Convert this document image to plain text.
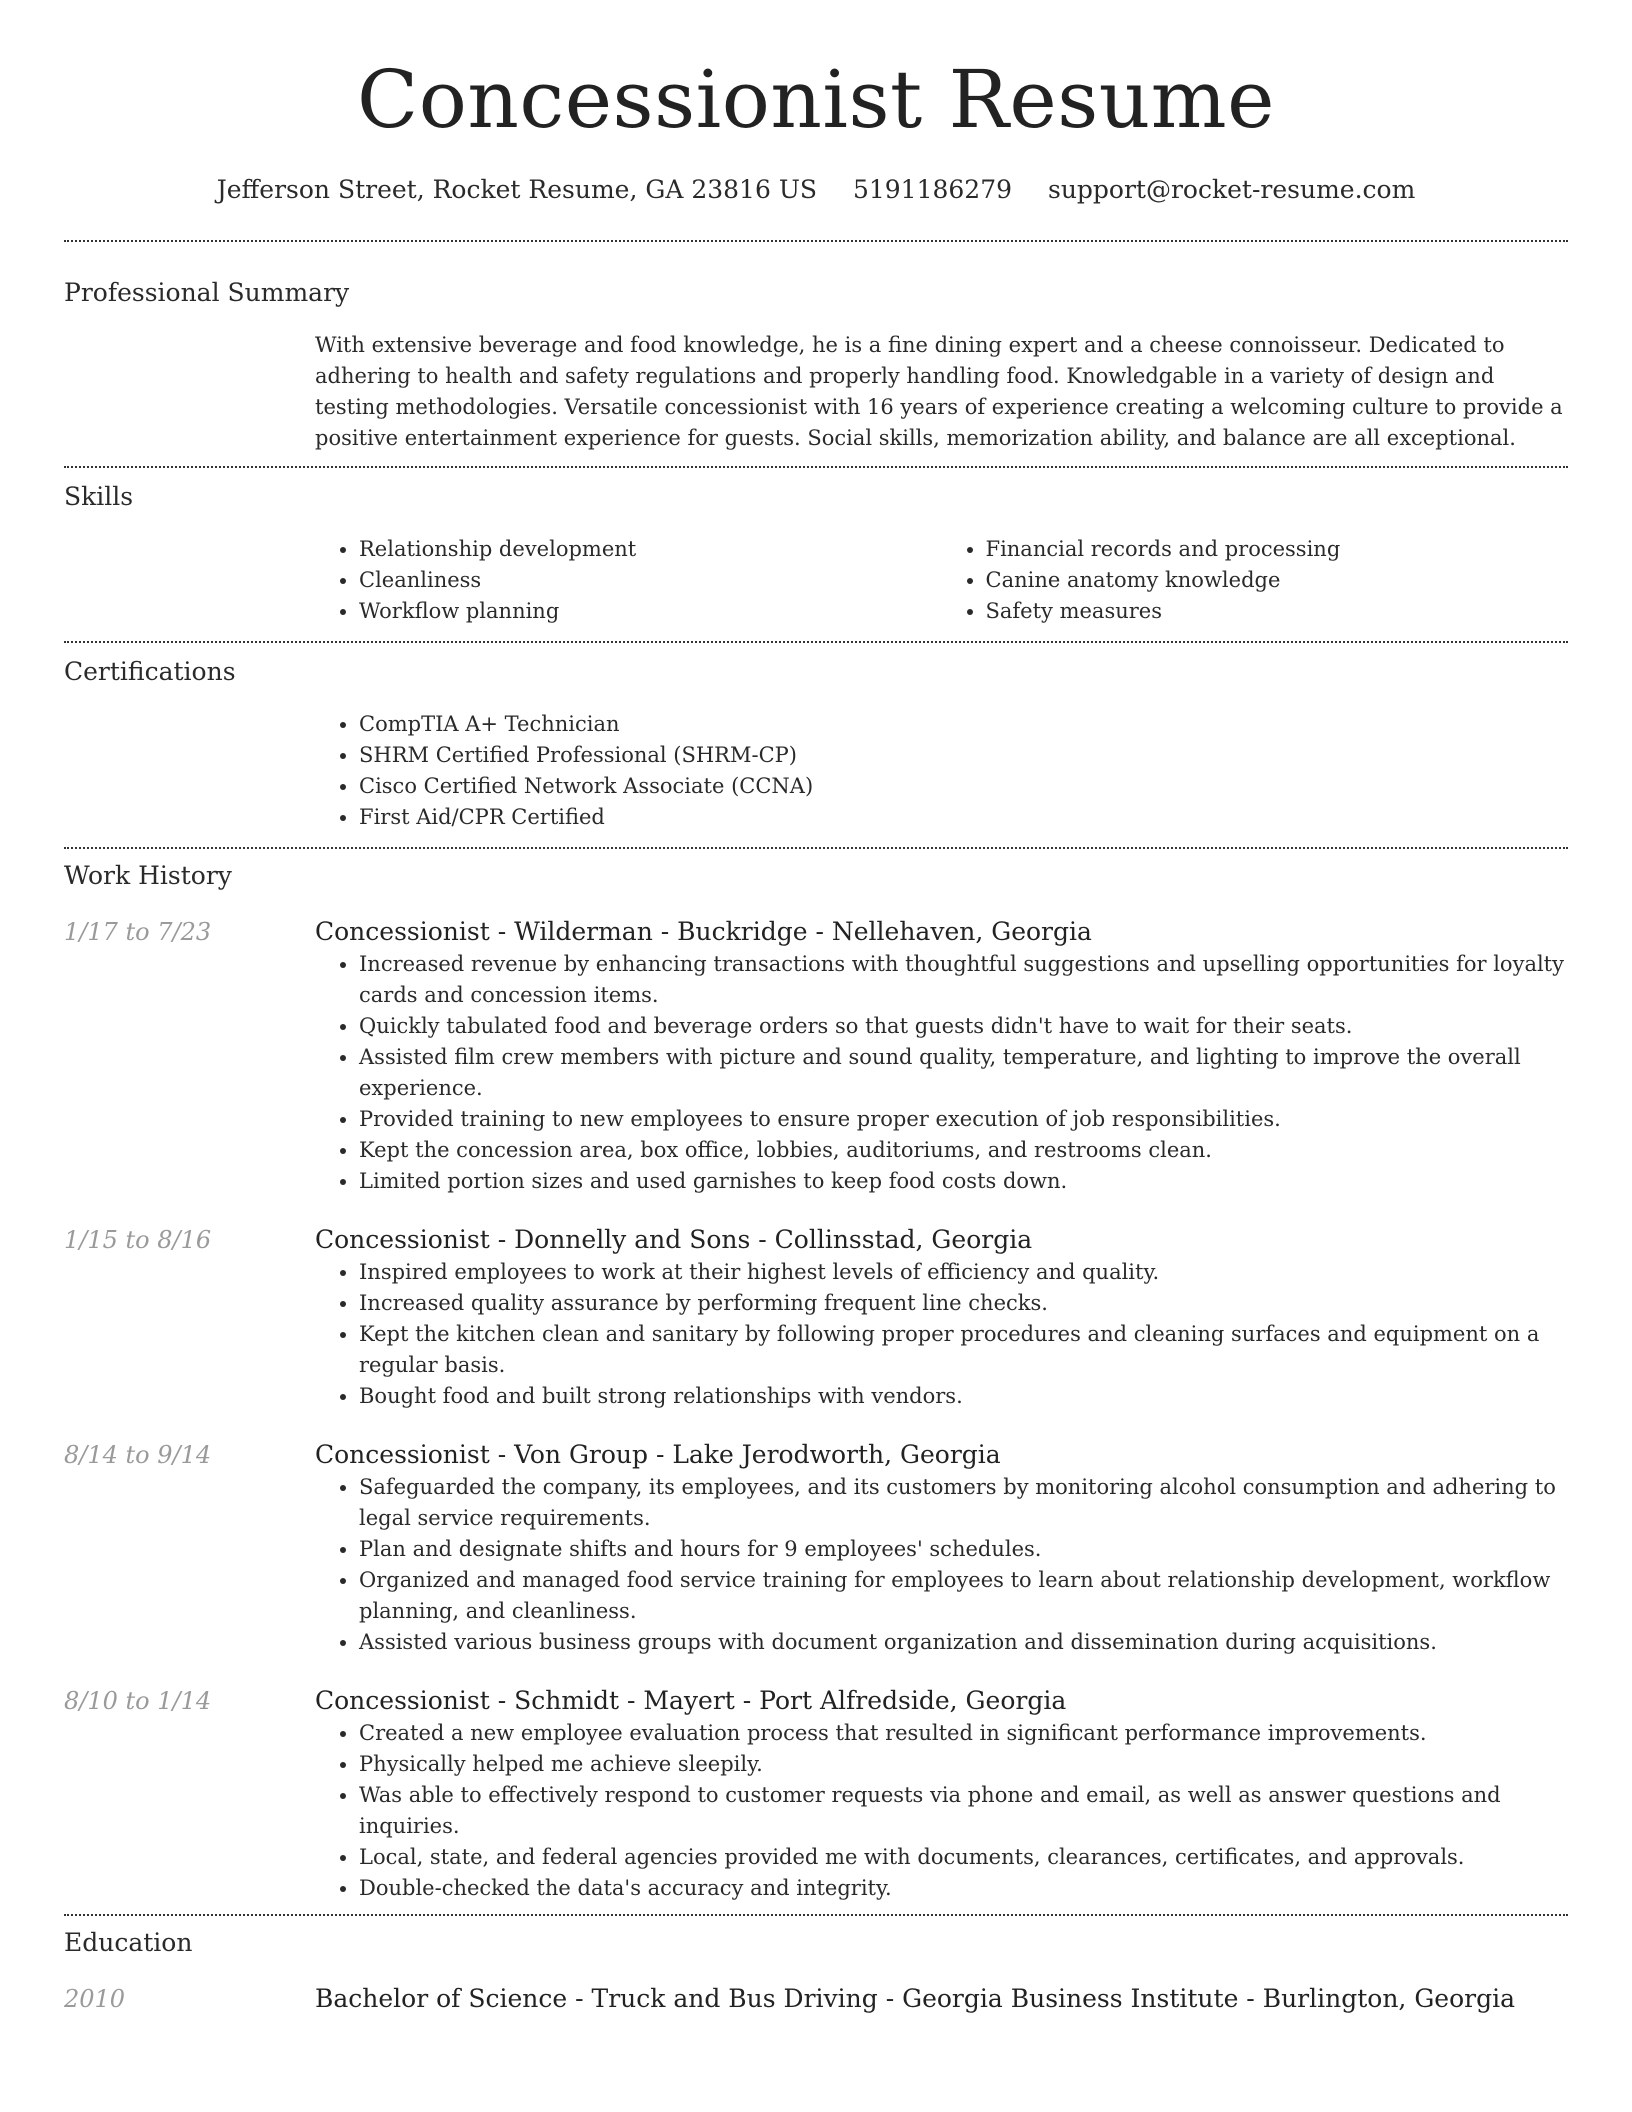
Concessionist Resume
Jefferson Street, Rocket Resume, GA 23816 US 5191186279 support@rocket-resume.com
Professional Summary

With extensive beverage and food knowledge, he is a fine dining expert and a cheese connoisseur. Dedicated to adhering to health and safety regulations and properly handling food. Knowledgable in a variety of design and testing methodologies. Versatile concessionist with 16 years of experience creating a welcoming culture to provide a positive entertainment experience for guests. Social skills, memorization ability, and balance are all exceptional.

Skills
• Relationship development
• Cleanliness
• Workflow planning
• Financial records and processing
• Canine anatomy knowledge
• Safety measures
Certifications
• CompTIA A+ Technician
• SHRM Certified Professional (SHRM-CP)
• Cisco Certified Network Associate (CCNA)
• First Aid/CPR Certified
Work History
1/17 to 7/23	Concessionist - Wilderman - Buckridge - Nellehaven, Georgia
• Increased revenue by enhancing transactions with thoughtful suggestions and upselling opportunities for loyalty cards and concession items.
• Quickly tabulated food and beverage orders so that guests didn't have to wait for their seats.
• Assisted film crew members with picture and sound quality, temperature, and lighting to improve the overall experience.
• Provided training to new employees to ensure proper execution of job responsibilities.
• Kept the concession area, box office, lobbies, auditoriums, and restrooms clean.
• Limited portion sizes and used garnishes to keep food costs down.
1/15 to 8/16	Concessionist - Donnelly and Sons - Collinsstad, Georgia
• Inspired employees to work at their highest levels of efficiency and quality.
• Increased quality assurance by performing frequent line checks.
• Kept the kitchen clean and sanitary by following proper procedures and cleaning surfaces and equipment on a regular basis.
• Bought food and built strong relationships with vendors.
8/14 to 9/14	Concessionist - Von Group - Lake Jerodworth, Georgia
• Safeguarded the company, its employees, and its customers by monitoring alcohol consumption and adhering to legal service requirements.
• Plan and designate shifts and hours for 9 employees' schedules.
• Organized and managed food service training for employees to learn about relationship development, workflow planning, and cleanliness.
• Assisted various business groups with document organization and dissemination during acquisitions.
8/10 to 1/14	Concessionist - Schmidt - Mayert - Port Alfredside, Georgia
• Created a new employee evaluation process that resulted in significant performance improvements.
• Physically helped me achieve sleepily.
• Was able to effectively respond to customer requests via phone and email, as well as answer questions and inquiries.
• Local, state, and federal agencies provided me with documents, clearances, certificates, and approvals.
• Double-checked the data's accuracy and integrity.
Education
2010	Bachelor of Science - Truck and Bus Driving - Georgia Business Institute - Burlington, Georgia
